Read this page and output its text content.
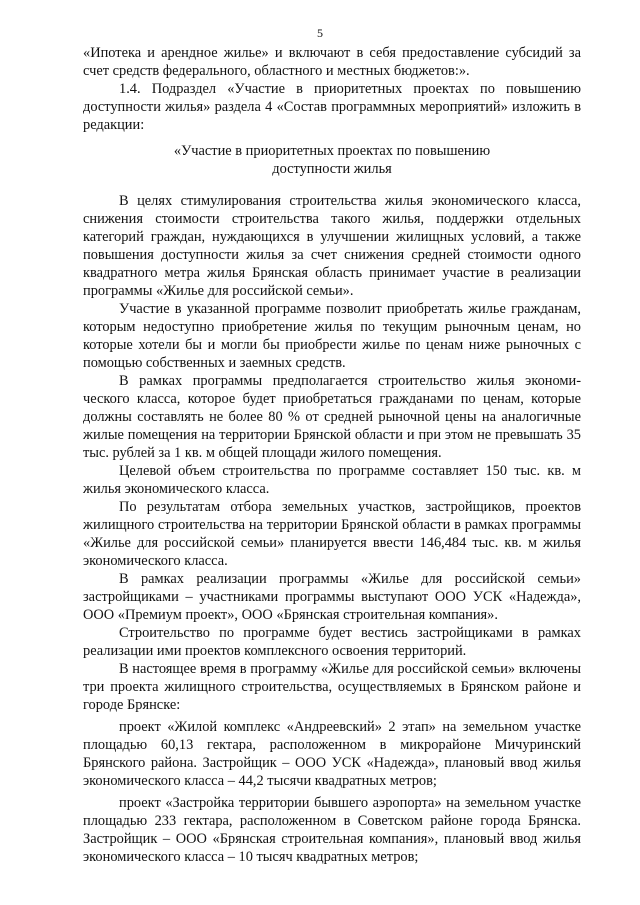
5

«Ипотека и арендное жилье» и включают в себя предоставление субсидий за счет средств федерального, областного и местных бюджетов:».

1.4. Подраздел «Участие в приоритетных проектах по повышению доступности жилья» раздела 4 «Состав программных мероприятий» изложить в редакции:

«Участие в приоритетных проектах по повышению доступности жилья

В целях стимулирования строительства жилья экономического класса, снижения стоимости строительства такого жилья, поддержки отдельных категорий граждан, нуждающихся в улучшении жилищных условий, а также повышения доступности жилья за счет снижения средней стоимости одного квадратного метра жилья Брянская область принимает участие в реализации программы «Жилье для российской семьи».

Участие в указанной программе позволит приобретать жилье гражданам, которым недоступно приобретение жилья по текущим рыночным ценам, но которые хотели бы и могли бы приобрести жилье по ценам ниже рыночных с помощью собственных и заемных средств.

В рамках программы предполагается строительство жилья экономического класса, которое будет приобретаться гражданами по ценам, которые должны составлять не более 80 % от средней рыночной цены на аналогичные жилые помещения на территории Брянской области и при этом не превышать 35 тыс. рублей за 1 кв. м общей площади жилого помещения.

Целевой объем строительства по программе составляет 150 тыс. кв. м жилья экономического класса.

По результатам отбора земельных участков, застройщиков, проектов жилищного строительства на территории Брянской области в рамках программы «Жилье для российской семьи» планируется ввести 146,484 тыс. кв. м жилья экономического класса.

В рамках реализации программы «Жилье для российской семьи» застройщиками – участниками программы выступают ООО УСК «Надежда», ООО «Премиум проект», ООО «Брянская строительная компания».

Строительство по программе будет вестись застройщиками в рамках реализации ими проектов комплексного освоения территорий.

В настоящее время в программу «Жилье для российской семьи» включены три проекта жилищного строительства, осуществляемых в Брянском районе и городе Брянске:

проект «Жилой комплекс «Андреевский» 2 этап» на земельном участке площадью 60,13 гектара, расположенном в микрорайоне Мичуринский Брянского района. Застройщик – ООО УСК «Надежда», плановый ввод жилья экономического класса – 44,2 тысячи квадратных метров;

проект «Застройка территории бывшего аэропорта» на земельном участке площадью 233 гектара, расположенном в Советском районе города Брянска. Застройщик – ООО «Брянская строительная компания», плановый ввод жилья экономического класса – 10 тысяч квадратных метров;
